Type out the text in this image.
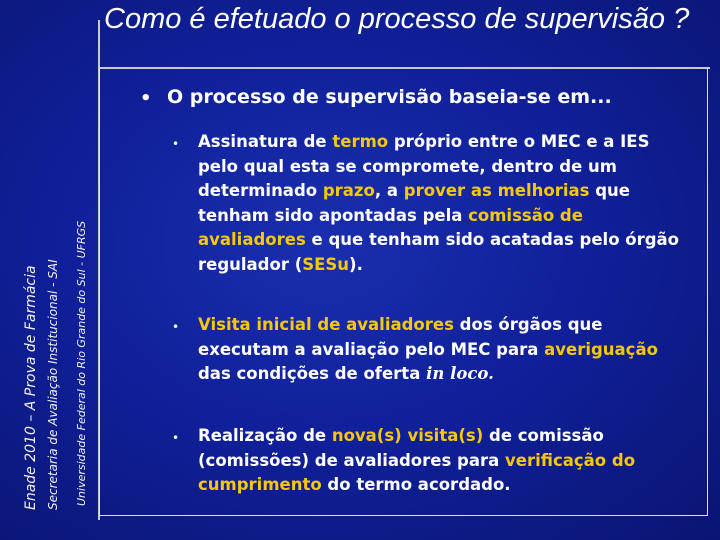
Enade 2010 – A Prova de Farmácia Secretaria de Avaliação Institucional - SAI Universidade Federal do Rio Grande do Sul - UFRGS
Como é efetuado o processo de supervisão ?
• O processo de supervisão baseia-se em...
• Assinatura de termo próprio entre o MEC e a IES pelo qual esta se compromete, dentro de um determinado prazo, a prover as melhorias que tenham sido apontadas pela comissão de avaliadores e que tenham sido acatadas pelo órgão regulador (SESu).
• Visita inicial de avaliadores dos órgãos que executam a avaliação pelo MEC para averiguação das condições de oferta in loco.
• Realização de nova(s) visita(s) de comissão (comissões) de avaliadores para verificação do cumprimento do termo acordado.
